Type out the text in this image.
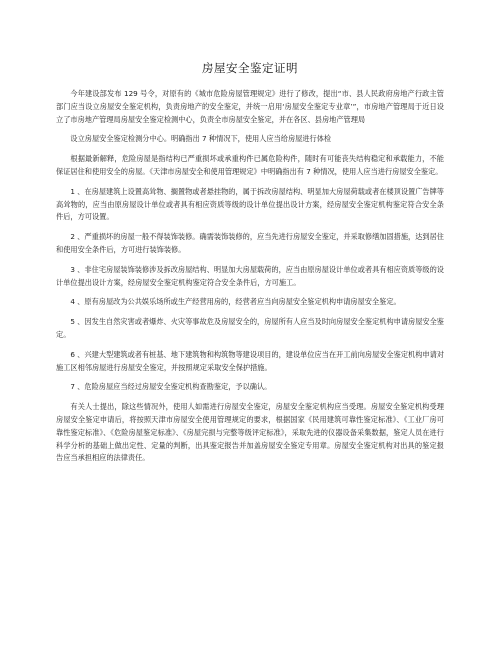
房屋安全鉴定证明

今年建设部发布 129 号令，对原有的《城市危险房屋管理规定》进行了修改，提出“市、县人民政府房地产行政主管部门应当设立房屋安全鉴定机构，负责房地产的安全鉴定，并统一启用‘房屋安全鉴定专业章’”，市房地产管理局于近日设立了市房地产管理局房屋安全鉴定检测中心，负责全市房屋安全鉴定，并在各区、县房地产管理局

设立房屋安全鉴定检测分中心。明确指出 7 种情况下，使用人应当给房屋进行体检

根据最新解释，危险房屋是指结构已严重损坏或承重构件已属危险构件，随时有可能丧失结构稳定和承载能力，不能保证居住和使用安全的房屋。《天津市房屋安全和使用管理规定》中明确指出有 7 种情况，使用人应当进行房屋安全鉴定。

1 、在房屋建筑上设置高耸物、搁置物或者悬挂物的，属于拆改房屋结构、明显加大房屋荷载或者在楼顶设置广告牌等高耸物的，应当由原房屋设计单位或者具有相应资质等级的设计单位提出设计方案，经房屋安全鉴定机构鉴定符合安全条件后，方可设置。

2 、严重损坏的房屋一般不得装饰装修。确需装饰装修的，应当先进行房屋安全鉴定，并采取修缮加固措施，达到居住和使用安全条件后，方可进行装饰装修。

3 、非住宅房屋装饰装修涉及拆改房屋结构、明显加大房屋载荷的，应当由原房屋设计单位或者具有相应资质等级的设计单位提出设计方案，经房屋安全鉴定机构鉴定符合安全条件后，方可施工。

4 、原有房屋改为公共娱乐场所或生产经营用房的，经营者应当向房屋安全鉴定机构申请房屋安全鉴定。

5 、因发生自然灾害或者爆炸、火灾等事故危及房屋安全的，房屋所有人应当及时向房屋安全鉴定机构申请房屋安全鉴定。

6 、兴建大型建筑或者有桩基、地下建筑物和构筑物等建设项目的，建设单位应当在开工前向房屋安全鉴定机构申请对施工区相邻房屋进行房屋安全鉴定，并按照规定采取安全保护措施。

7 、危险房屋应当经过房屋安全鉴定机构查勘鉴定，予以确认。

有关人士提出，除这些情况外，使用人如需进行房屋安全鉴定，房屋安全鉴定机构应当受理。房屋安全鉴定机构受理房屋安全鉴定申请后，将按照天津市房屋安全使用管理规定的要求，根据国家《民用建筑可靠性鉴定标准》、《工业厂房可靠性鉴定标准》、《危险房屋鉴定标准》、《房屋完损与完整等级评定标准》，采取先进的仪器设备采集数据，鉴定人员在进行科学分析的基础上做出定性、定量的判断，出具鉴定报告并加盖房屋安全鉴定专用章。房屋安全鉴定机构对出具的鉴定报告应当承担相应的法律责任。
